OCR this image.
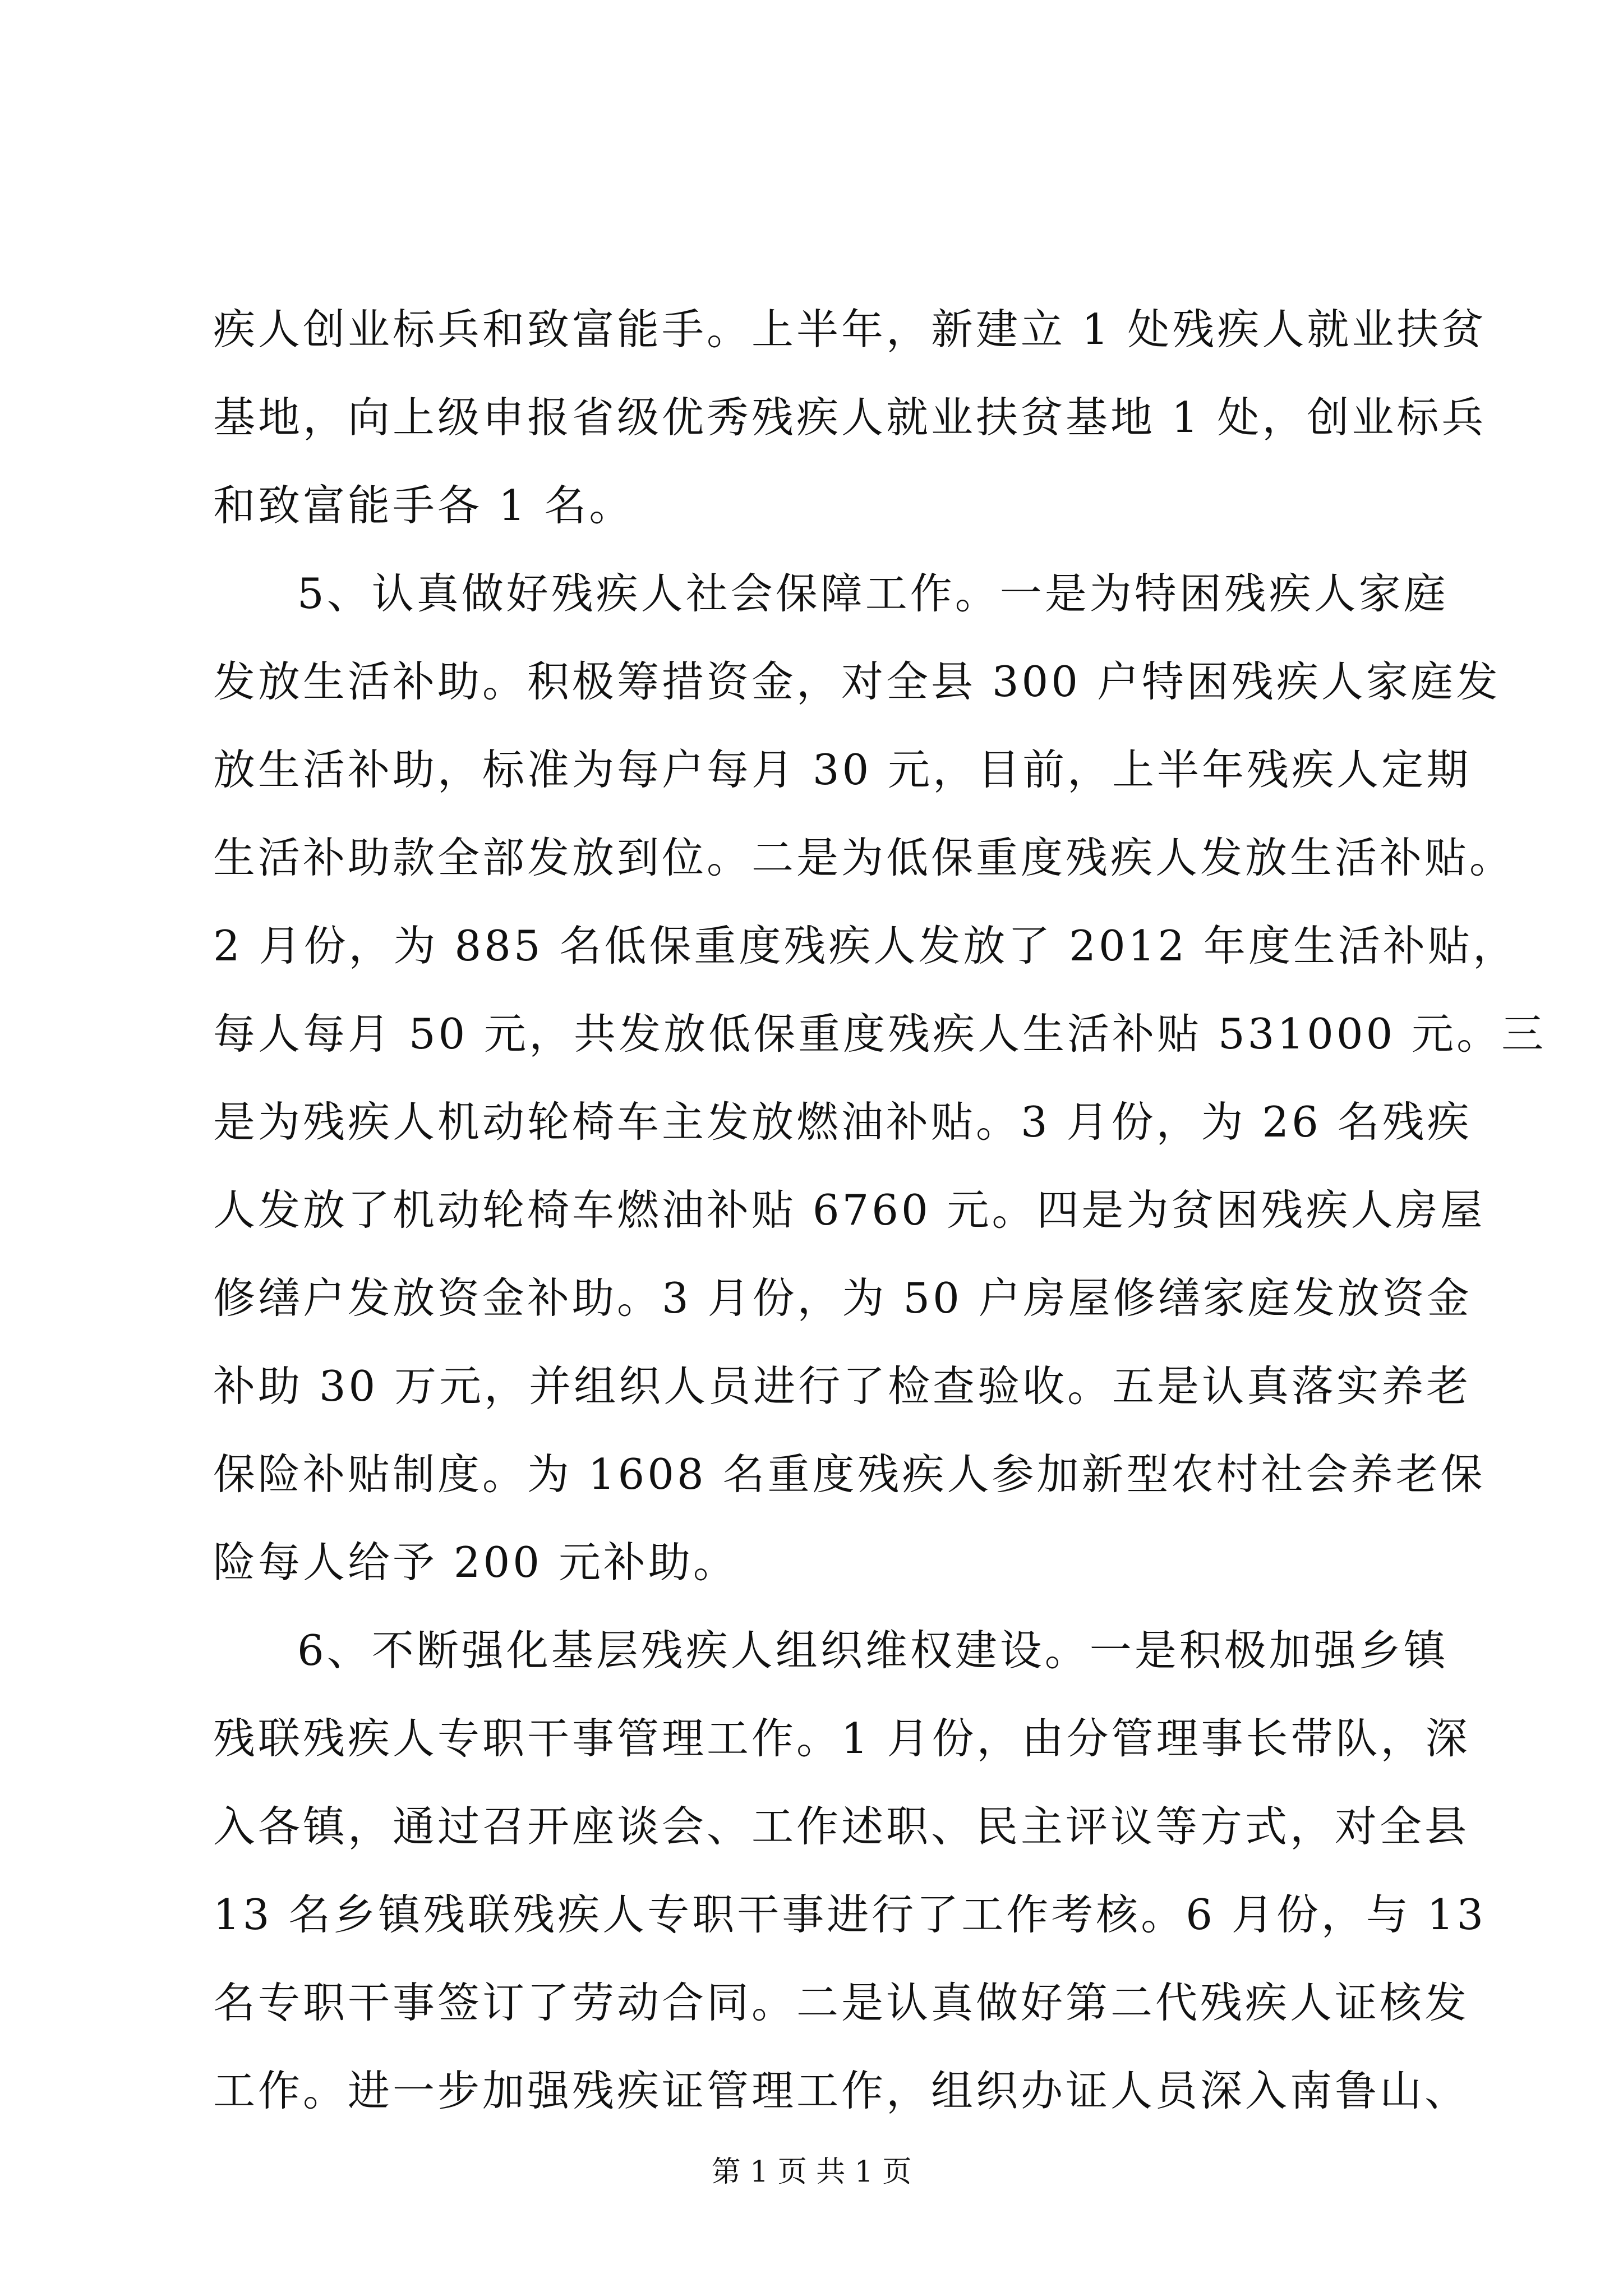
疾人创业标兵和致富能手。上半年，新建立 1 处残疾人就业扶贫
基地，向上级申报省级优秀残疾人就业扶贫基地 1 处，创业标兵
和致富能手各 1 名。
5、认真做好残疾人社会保障工作。一是为特困残疾人家庭
发放生活补助。积极筹措资金，对全县 300 户特困残疾人家庭发
放生活补助，标准为每户每月 30 元，目前，上半年残疾人定期
生活补助款全部发放到位。二是为低保重度残疾人发放生活补贴。
2 月份，为 885 名低保重度残疾人发放了 2012 年度生活补贴，
每人每月 50 元，共发放低保重度残疾人生活补贴 531000 元。三
是为残疾人机动轮椅车主发放燃油补贴。3 月份，为 26 名残疾
人发放了机动轮椅车燃油补贴 6760 元。四是为贫困残疾人房屋
修缮户发放资金补助。3 月份，为 50 户房屋修缮家庭发放资金
补助 30 万元，并组织人员进行了检查验收。五是认真落实养老
保险补贴制度。为 1608 名重度残疾人参加新型农村社会养老保
险每人给予 200 元补助。
6、不断强化基层残疾人组织维权建设。一是积极加强乡镇
残联残疾人专职干事管理工作。1 月份，由分管理事长带队，深
入各镇，通过召开座谈会、工作述职、民主评议等方式，对全县
13 名乡镇残联残疾人专职干事进行了工作考核。6 月份，与 13
名专职干事签订了劳动合同。二是认真做好第二代残疾人证核发
工作。进一步加强残疾证管理工作，组织办证人员深入南鲁山、
第 1 页 共 1 页
